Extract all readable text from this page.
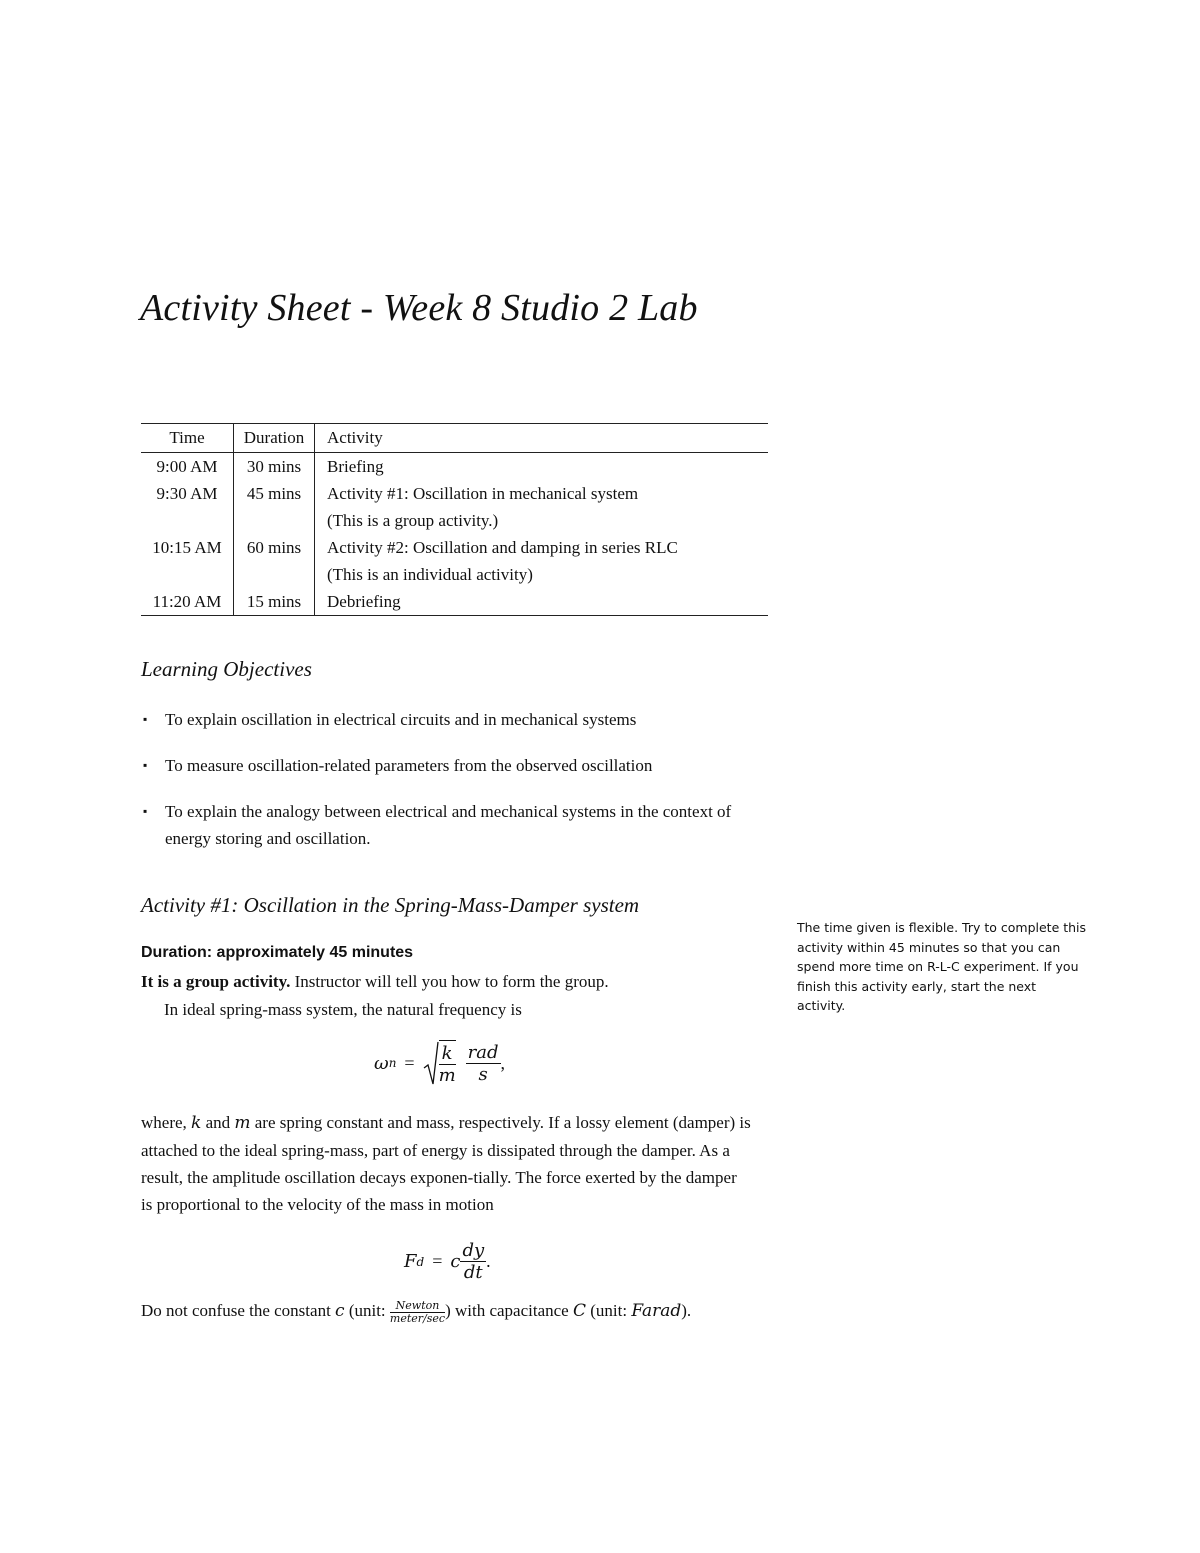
Activity Sheet - Week 8 Studio 2 Lab
Time	Duration	Activity
9:00 AM	30 mins	Briefing
9:30 AM	45 mins	Activity #1: Oscillation in mechanical system
		(This is a group activity.)
10:15 AM	60 mins	Activity #2: Oscillation and damping in series RLC
		(This is an individual activity)
11:20 AM	15 mins	Debriefing
Learning Objectives
▪ To explain oscillation in electrical circuits and in mechanical systems
▪ To measure oscillation-related parameters from the observed oscillation
▪ To explain the analogy between electrical and mechanical systems in the context of energy storing and oscillation.
Activity #1: Oscillation in the Spring-Mass-Damper system
Duration: approximately 45 minutes
It is a group activity. Instructor will tell you how to form the group.
In ideal spring-mass system, the natural frequency is
ω $n = \frac{k}{m} \frac{\text{rad}}{s}$ ,
where, k and m are spring constant and mass, respectively. If a lossy element (damper) is attached to the ideal spring-mass, part of energy is dissipated through the damper. As a result, the amplitude oscillation decays exponen-tially. The force exerted by the damper is proportional to the velocity of the mass in motion
F d = c $\frac{dy}{dt}$ .
Do not confuse the constant c (unit: $\frac{\text{Newton}}{\text{meter/sec}}$ ) with capacitance C (unit: Farad).
The time given is flexible. Try to complete this activity within 45 minutes so that you can spend more time on R-L-C experiment. If you finish this activity early, start the next activity.
